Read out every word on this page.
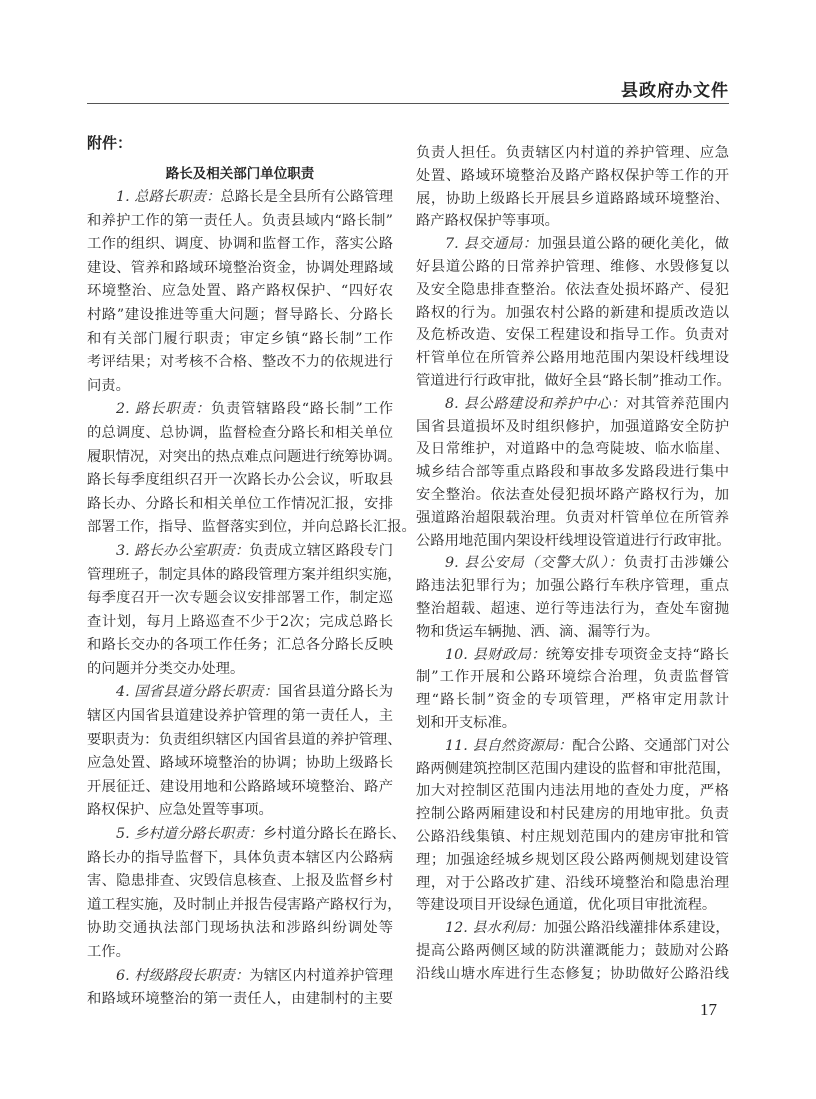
县政府办文件
附件：
路长及相关部门单位职责
1. 总路长职责：总路长是全县所有公路管理
和养护工作的第一责任人。负责县域内“路长制”
工作的组织、调度、协调和监督工作，落实公路
建设、管养和路域环境整治资金，协调处理路域
环境整治、应急处置、路产路权保护、“四好农
村路”建设推进等重大问题；督导路长、分路长
和有关部门履行职责；审定乡镇“路长制”工作
考评结果；对考核不合格、整改不力的依规进行
问责。
2. 路长职责：负责管辖路段“路长制”工作
的总调度、总协调，监督检查分路长和相关单位
履职情况，对突出的热点难点问题进行统筹协调。
路长每季度组织召开一次路长办公会议，听取县
路长办、分路长和相关单位工作情况汇报，安排
部署工作，指导、监督落实到位，并向总路长汇报。
3. 路长办公室职责：负责成立辖区路段专门
管理班子，制定具体的路段管理方案并组织实施，
每季度召开一次专题会议安排部署工作，制定巡
查计划，每月上路巡查不少于2次；完成总路长
和路长交办的各项工作任务；汇总各分路长反映
的问题并分类交办处理。
4. 国省县道分路长职责：国省县道分路长为
辖区内国省县道建设养护管理的第一责任人，主
要职责为：负责组织辖区内国省县道的养护管理、
应急处置、路域环境整治的协调；协助上级路长
开展征迁、建设用地和公路路域环境整治、路产
路权保护、应急处置等事项。
5. 乡村道分路长职责：乡村道分路长在路长、
路长办的指导监督下，具体负责本辖区内公路病
害、隐患排查、灾毁信息核查、上报及监督乡村
道工程实施，及时制止并报告侵害路产路权行为，
协助交通执法部门现场执法和涉路纠纷调处等
工作。
6. 村级路段长职责：为辖区内村道养护管理
和路域环境整治的第一责任人，由建制村的主要
负责人担任。负责辖区内村道的养护管理、应急
处置、路域环境整治及路产路权保护等工作的开
展，协助上级路长开展县乡道路路域环境整治、
路产路权保护等事项。
7. 县交通局：加强县道公路的硬化美化，做
好县道公路的日常养护管理、维修、水毁修复以
及安全隐患排查整治。依法查处损坏路产、侵犯
路权的行为。加强农村公路的新建和提质改造以
及危桥改造、安保工程建设和指导工作。负责对
杆管单位在所管养公路用地范围内架设杆线埋设
管道进行行政审批，做好全县“路长制”推动工作。
8. 县公路建设和养护中心：对其管养范围内
国省县道损坏及时组织修护，加强道路安全防护
及日常维护，对道路中的急弯陡坡、临水临崖、
城乡结合部等重点路段和事故多发路段进行集中
安全整治。依法查处侵犯损坏路产路权行为，加
强道路治超限载治理。负责对杆管单位在所管养
公路用地范围内架设杆线埋设管道进行行政审批。
9. 县公安局（交警大队）：负责打击涉嫌公
路违法犯罪行为；加强公路行车秩序管理，重点
整治超载、超速、逆行等违法行为，查处车窗抛
物和货运车辆抛、洒、滴、漏等行为。
10. 县财政局：统筹安排专项资金支持“路长
制”工作开展和公路环境综合治理，负责监督管
理“路长制”资金的专项管理，严格审定用款计
划和开支标准。
11. 县自然资源局：配合公路、交通部门对公
路两侧建筑控制区范围内建设的监督和审批范围，
加大对控制区范围内违法用地的查处力度，严格
控制公路两厢建设和村民建房的用地审批。负责
公路沿线集镇、村庄规划范围内的建房审批和管
理；加强途经城乡规划区段公路两侧规划建设管
理，对于公路改扩建、沿线环境整治和隐患治理
等建设项目开设绿色通道，优化项目审批流程。
12. 县水利局：加强公路沿线灌排体系建设，
提高公路两侧区域的防洪灌溉能力；鼓励对公路
沿线山塘水库进行生态修复；协助做好公路沿线
17
